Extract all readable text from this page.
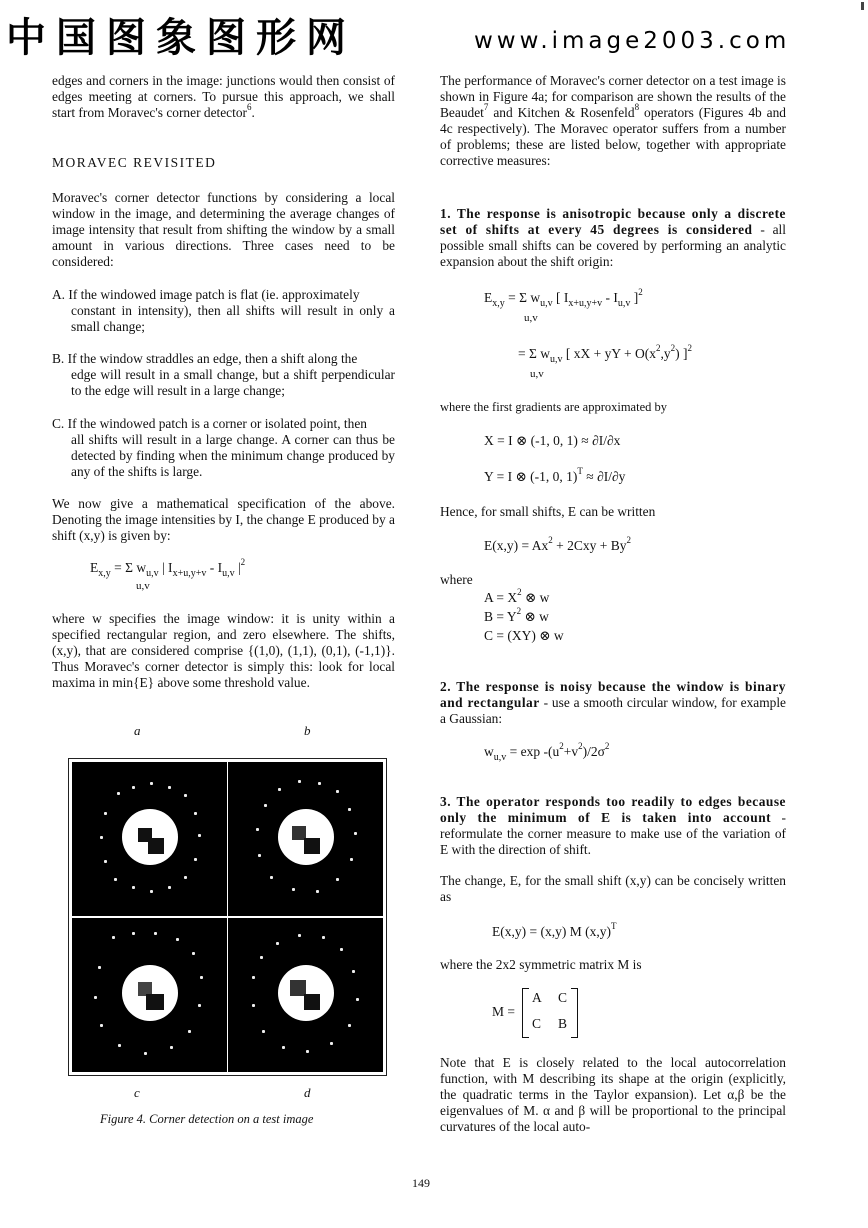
中国图象图形网	www.image2003.com

edges and corners in the image: junctions would then consist of edges meeting at corners. To pursue this approach, we shall start from Moravec's corner detector$^6$.

MORAVEC REVISITED

Moravec's corner detector functions by considering a local window in the image, and determining the average changes of image intensity that result from shifting the window by a small amount in various directions. Three cases need to be considered:

A. If the windowed image patch is flat (ie. approximately
constant in intensity), then all shifts will result in only a small change;

B. If the window straddles an edge, then a shift along the
edge will result in a small change, but a shift perpendicular to the edge will result in a large change;

C. If the windowed patch is a corner or isolated point, then
all shifts will result in a large change. A corner can thus be detected by finding when the minimum change produced by any of the shifts is large.

We now give a mathematical specification of the above. Denoting the image intensities by I, the change E produced by a shift (x,y) is given by:

$E_{x,y} = \Sigma$ $w_{u,v}$ | $I_{x+u,y+v} - I_{u,v}$ $|^2$
u,v

where w specifies the image window: it is unity within a specified rectangular region, and zero elsewhere. The shifts, (x,y), that are considered comprise {(1,0), (1,1), (0,1), (-1,1)}. Thus Moravec's corner detector is simply this: look for local maxima in min{E} above some threshold value.

a	b
c	d
Figure 4. Corner detection on a test image

The performance of Moravec's corner detector on a test image is shown in Figure 4a; for comparison are shown the results of the Beaudet$^7$ and Kitchen & Rosenfeld$^8$ operators (Figures 4b and 4c respectively). The Moravec operator suffers from a number of problems; these are listed below, together with appropriate corrective measures:

1. The response is anisotropic because only a discrete set of shifts at every 45 degrees is considered - all possible small shifts can be covered by performing an analytic expansion about the shift origin:

$E_{x,y} = \Sigma$ $w_{u,v}$ [ $I_{x+u,y+v} - I_{u,v}$ ]$^2$
u,v
= Σ $w_{u,v}$ [ xX + yY + $O(x^2,y^2)$ ]$^2$
u,v

where the first gradients are approximated by

X = I ⊗ (-1, 0, 1) ≈ ∂I/∂x
Y = I ⊗ (-1, 0, 1)$^T$ ≈ ∂I/∂y

Hence, for small shifts, E can be written

$E(x,y) = Ax^2 + 2Cxy + By^2$

where

$A = X^2$ ⊗ w
$B = Y^2$ ⊗ w
C = (XY) ⊗ w

2. The response is noisy because the window is binary and rectangular - use a smooth circular window, for example a Gaussian:

$w_{u,v} = \exp -(u^2+v^2)/2\sigma^2$

3. The operator responds too readily to edges because only the minimum of E is taken into account - reformulate the corner measure to make use of the variation of E with the direction of shift.

The change, E, for the small shift (x,y) can be concisely written as

E(x,y) = (x,y) M $(x,y)^T$

where the 2x2 symmetric matrix M is

M =
A C
C B

Note that E is closely related to the local autocorrelation function, with M describing its shape at the origin (explicitly, the quadratic terms in the Taylor expansion). Let α,β be the eigenvalues of M. α and β will be proportional to the principal curvatures of the local auto-

149
